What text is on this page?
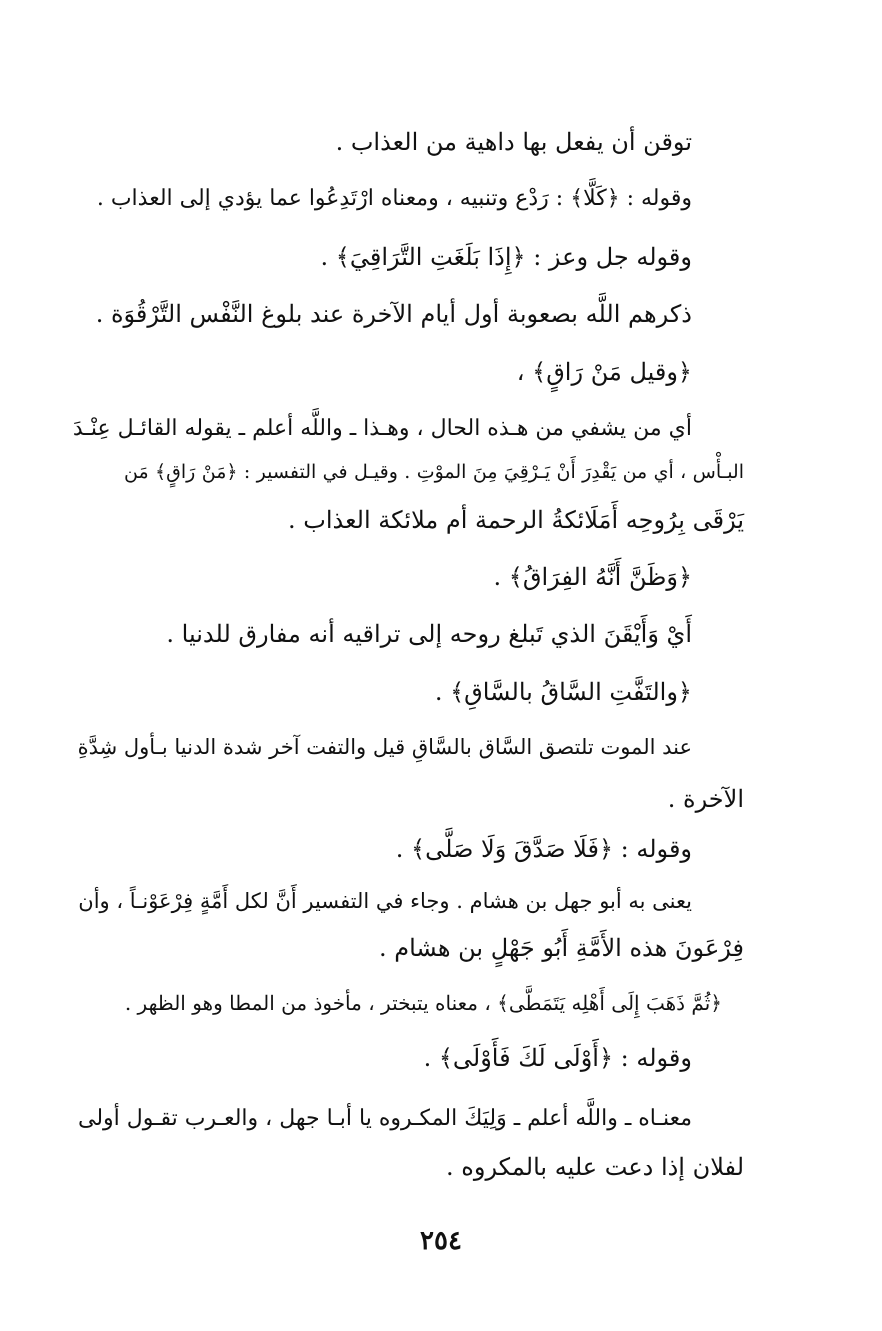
توقن أن يفعل بها داهية من العذاب .
وقوله : ﴿كَلَّا﴾ : رَدْع وتنبيه ، ومعناه ارْتَدِعُوا عما يؤدي إلى العذاب .
وقوله جل وعز : ﴿إِذَا بَلَغَتِ التَّرَاقِيَ﴾ .
ذكرهم اللَّه بصعوبة أول أيام الآخرة عند بلوغ النَّفْس التَّرْقُوَة .
﴿وقيل مَنْ رَاقٍ﴾ ،
أي من يشفي من هـذه الحال ، وهـذا ـ واللَّه أعلم ـ يقوله القائـل عِنْـدَ
البـأْس ، أي من يَقْدِرَ أَنْ يَـرْقِيَ مِنَ الموْتِ . وقيـل في التفسير : ﴿مَنْ رَاقٍ﴾ مَن
يَرْقَى بِرُوحِه أَمَلَائكةُ الرحمة أم ملائكة العذاب .
﴿وَظَنَّ أَنَّهُ الفِرَاقُ﴾ .
أَيْ وَأَيْقَنَ الذي تَبلغ روحه إلى تراقيه أنه مفارق للدنيا .
﴿والتَفَّتِ السَّاقُ بالسَّاقِ﴾ .
عند الموت تلتصق السَّاق بالسَّاقِ قيل والتفت آخر شدة الدنيا بـأول شِدَّةِ
الآخرة .
وقوله : ﴿فَلَا صَدَّقَ وَلَا صَلَّى﴾ .
يعنى به أبو جهل بن هشام . وجاء في التفسير أَنَّ لكل أَمَّةٍ فِرْعَوْنـاً ، وأن
فِرْعَونَ هذه الأَمَّةِ أَبُو جَهْلٍ بن هشام .
﴿ثُمَّ ذَهَبَ إِلَى أَهْلِه يَتَمَطَّى﴾ ، معناه يتبختر ، مأخوذ من المطا وهو الظهر .
وقوله : ﴿أَوْلَى لَكَ فَأَوْلَى﴾ .
معنـاه ـ واللَّه أعلم ـ وَلِيَكَ المكـروه يا أبـا جهل ، والعـرب تقـول أولى
لفلان إذا دعت عليه بالمكروه .
٢٥٤
